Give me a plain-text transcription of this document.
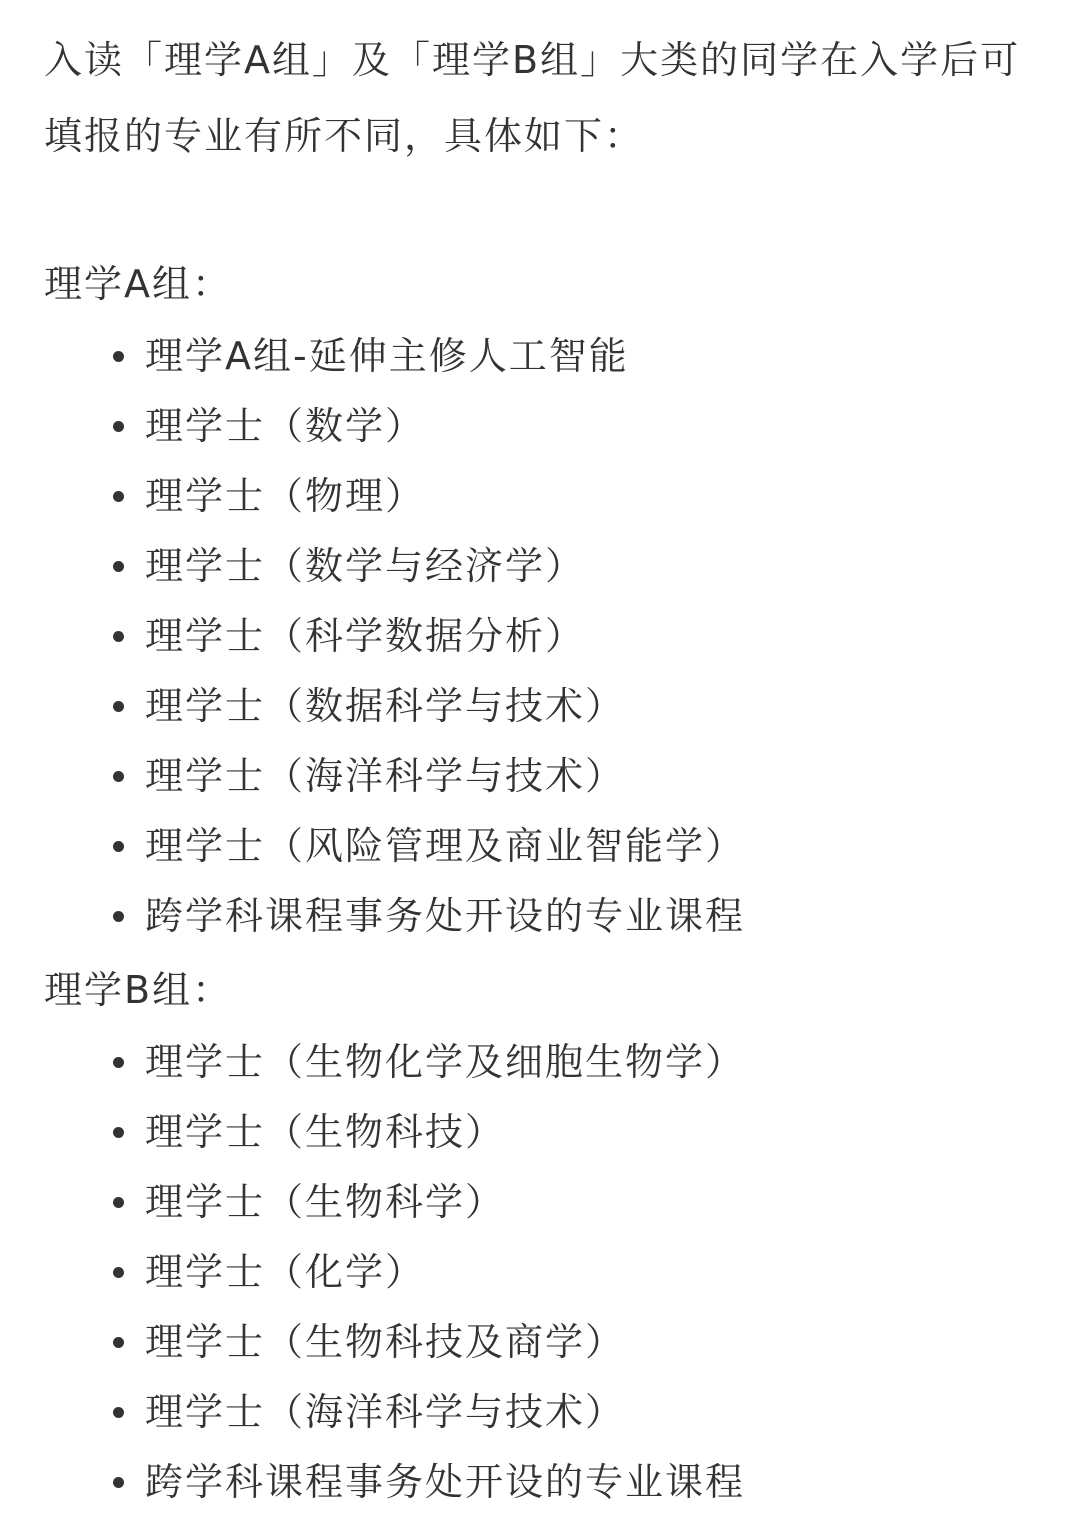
入读「理学A组」及「理学B组」大类的同学在入学后可填报的专业有所不同，具体如下：

理学A组：

理学A组-延伸主修人工智能
理学士（数学）
理学士（物理）
理学士（数学与经济学）
理学士（科学数据分析）
理学士（数据科学与技术）
理学士（海洋科学与技术）
理学士（风险管理及商业智能学）
跨学科课程事务处开设的专业课程

理学B组：

理学士（生物化学及细胞生物学）
理学士（生物科技）
理学士（生物科学）
理学士（化学）
理学士（生物科技及商学）
理学士（海洋科学与技术）
跨学科课程事务处开设的专业课程
